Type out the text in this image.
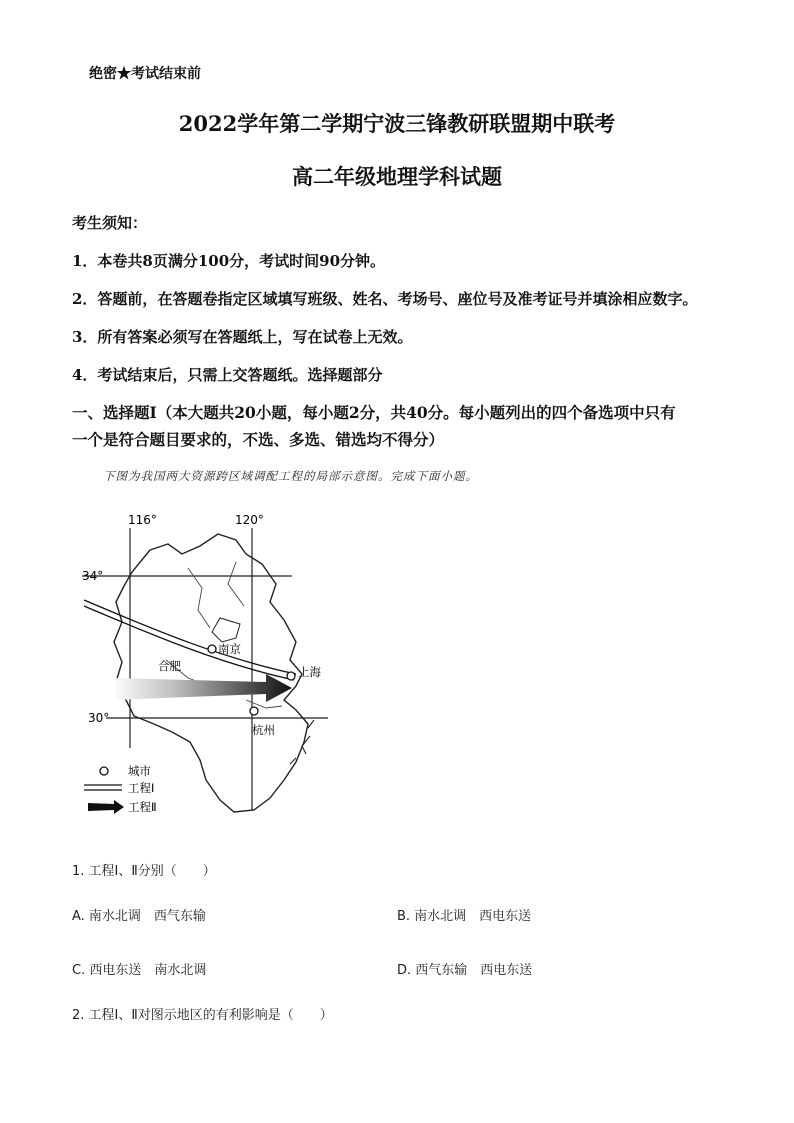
绝密★考试结束前
2022学年第二学期宁波三锋教研联盟期中联考
高二年级地理学科试题
考生须知：
1．本卷共8页满分100分，考试时间90分钟。
2．答题前，在答题卷指定区域填写班级、姓名、考场号、座位号及准考证号并填涂相应数字。
3．所有答案必须写在答题纸上，写在试卷上无效。
4．考试结束后，只需上交答题纸。选择题部分
一、选择题Ⅰ（本大题共20小题，每小题2分，共40分。每小题列出的四个备选项中只有
一个是符合题目要求的，不选、多选、错选均不得分）
下图为我国两大资源跨区域调配工程的局部示意图。完成下面小题。
116°	120°
34°
30°
南京
合肥	上海
杭州
城市
工程Ⅰ
工程Ⅱ
1. 工程Ⅰ、Ⅱ分别（　　）
A. 南水北调　西气东输	B. 南水北调　西电东送
C. 西电东送　南水北调	D. 西气东输　西电东送
2. 工程Ⅰ、Ⅱ对图示地区的有利影响是（　　）
